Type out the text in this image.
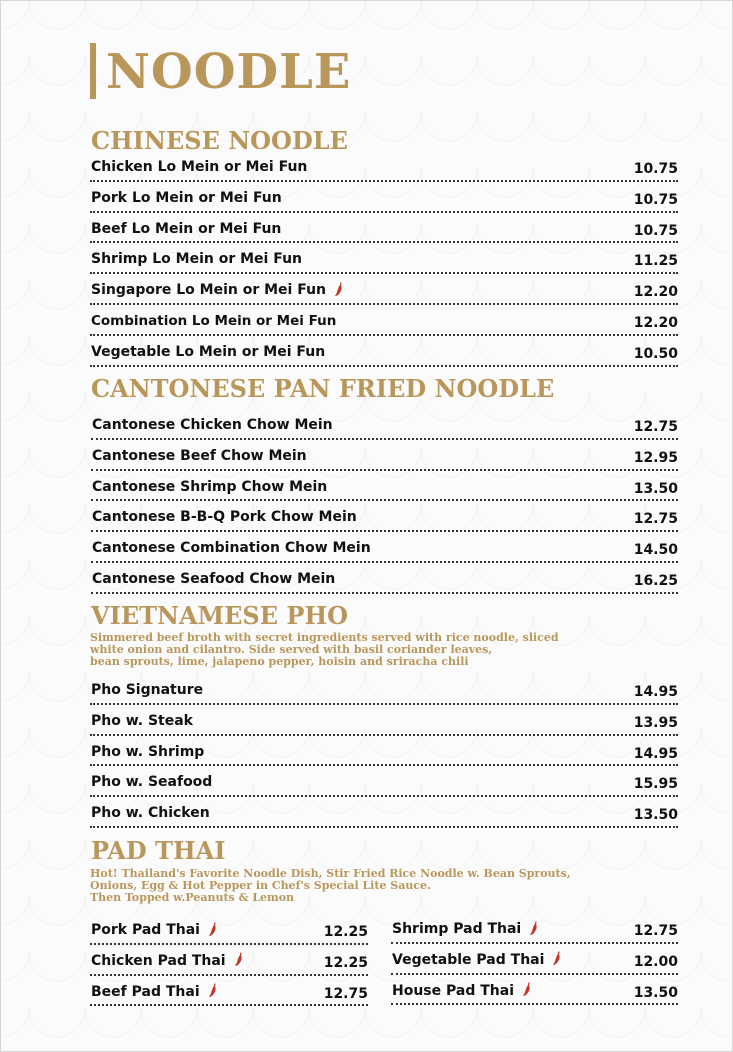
NOODLE
CHINESE NOODLE
Chicken Lo Mein or Mei Fun	10.75
Pork Lo Mein or Mei Fun	10.75
Beef Lo Mein or Mei Fun	10.75
Shrimp Lo Mein or Mei Fun	11.25
Singapore Lo Mein or Mei Fun	12.20
Combination Lo Mein or Mei Fun	12.20
Vegetable Lo Mein or Mei Fun	10.50
CANTONESE PAN FRIED NOODLE
Cantonese Chicken Chow Mein	12.75
Cantonese Beef Chow Mein	12.95
Cantonese Shrimp Chow Mein	13.50
Cantonese B-B-Q Pork Chow Mein	12.75
Cantonese Combination Chow Mein	14.50
Cantonese Seafood Chow Mein	16.25
VIETNAMESE PHO

Simmered beef broth with secret ingredients served with rice noodle, sliced
white onion and cilantro. Side served with basil coriander leaves,
bean sprouts, lime, jalapeno pepper, hoisin and sriracha chili

Pho Signature	14.95
Pho w. Steak	13.95
Pho w. Shrimp	14.95
Pho w. Seafood	15.95
Pho w. Chicken	13.50
PAD THAI

Hot! Thailand's Favorite Noodle Dish, Stir Fried Rice Noodle w. Bean Sprouts,
Onions, Egg & Hot Pepper in Chef's Special Lite Sauce.
Then Topped w.Peanuts & Lemon

Pork Pad Thai	12.25
Chicken Pad Thai	12.25
Beef Pad Thai	12.75
Shrimp Pad Thai	12.75
Vegetable Pad Thai	12.00
House Pad Thai	13.50
